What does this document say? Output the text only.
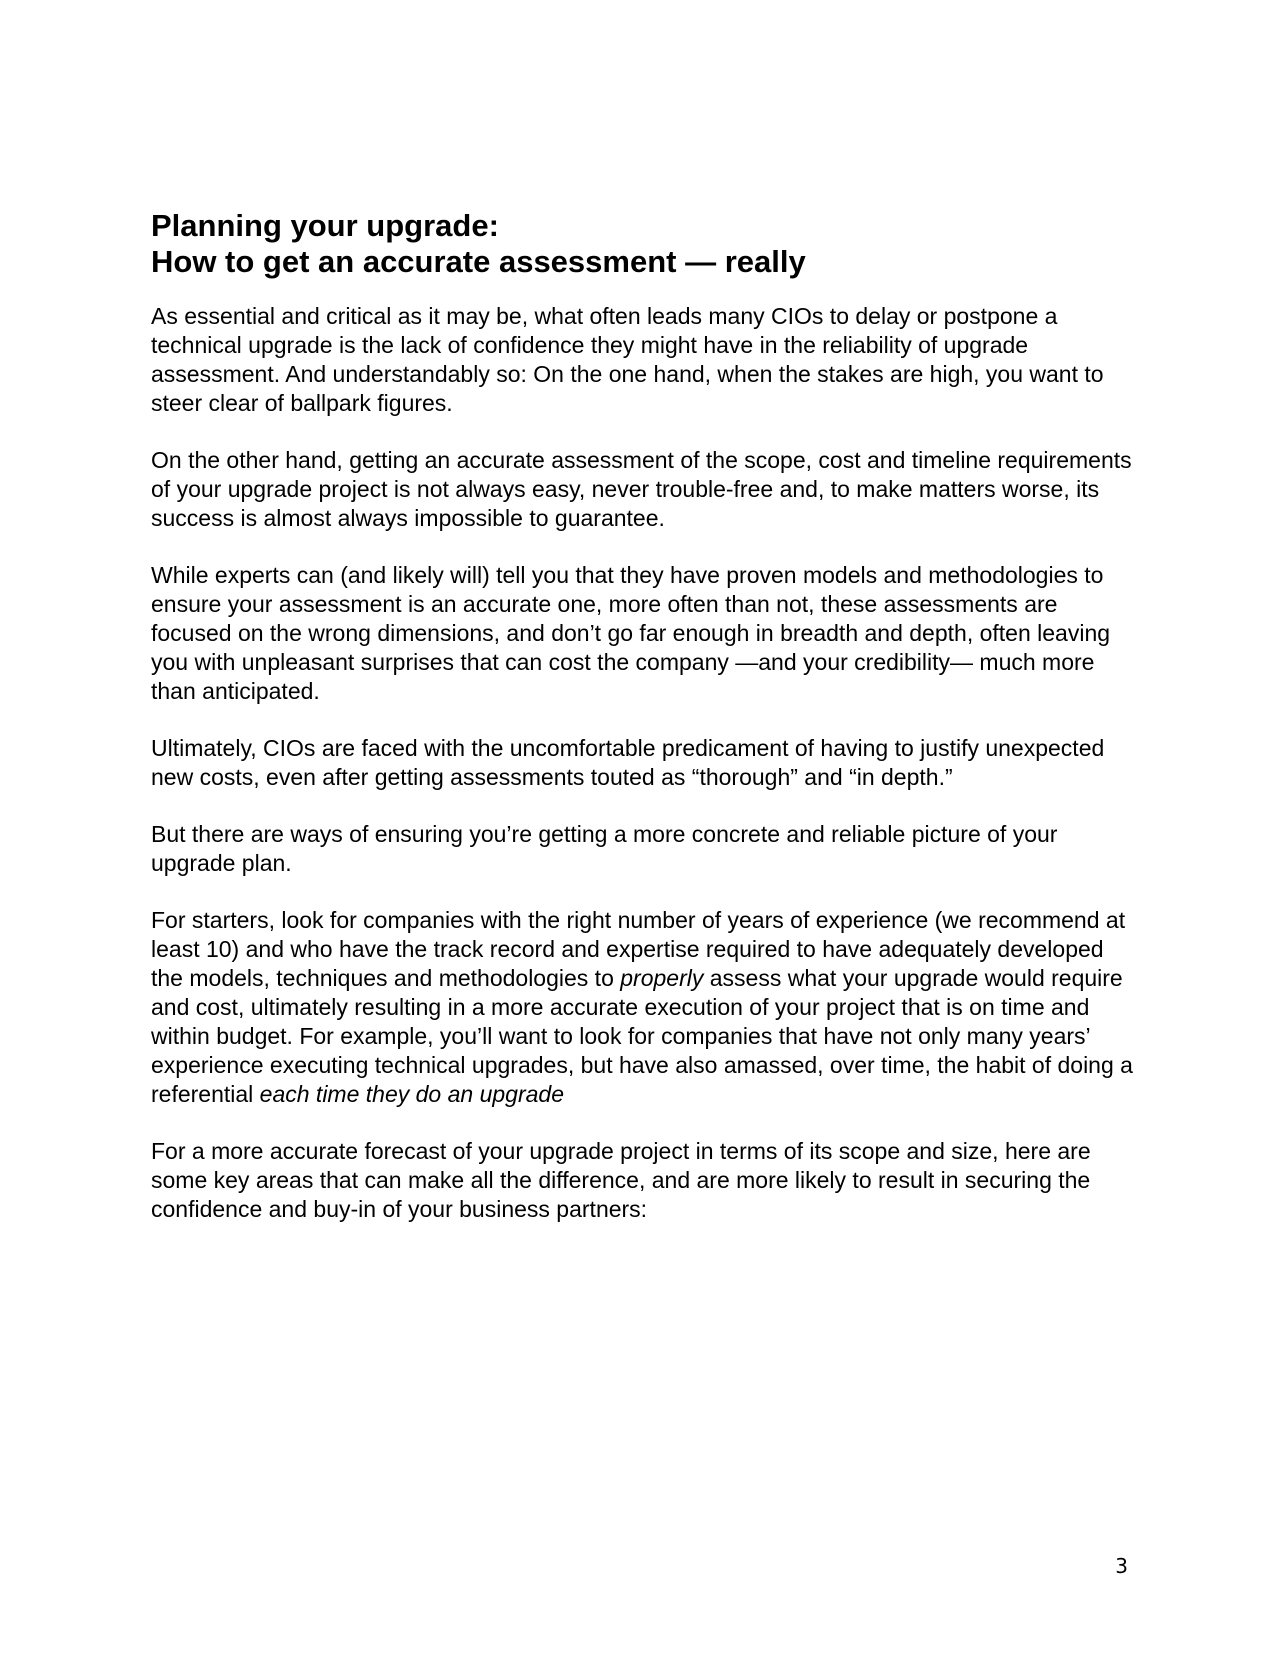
Planning your upgrade:
How to get an accurate assessment — really

As essential and critical as it may be, what often leads many CIOs to delay or postpone a technical upgrade is the lack of confidence they might have in the reliability of upgrade assessment. And understandably so: On the one hand, when the stakes are high, you want to steer clear of ballpark figures.

On the other hand, getting an accurate assessment of the scope, cost and timeline requirements of your upgrade project is not always easy, never trouble-free and, to make matters worse, its success is almost always impossible to guarantee.

While experts can (and likely will) tell you that they have proven models and methodologies to ensure your assessment is an accurate one, more often than not, these assessments are focused on the wrong dimensions, and don’t go far enough in breadth and depth, often leaving you with unpleasant surprises that can cost the company —and your credibility— much more than anticipated.

Ultimately, CIOs are faced with the uncomfortable predicament of having to justify unexpected new costs, even after getting assessments touted as “thorough” and “in depth.”

But there are ways of ensuring you’re getting a more concrete and reliable picture of your upgrade plan.

For starters, look for companies with the right number of years of experience (we recommend at least 10) and who have the track record and expertise required to have adequately developed the models, techniques and methodologies to properly assess what your upgrade would require and cost, ultimately resulting in a more accurate execution of your project that is on time and within budget. For example, you’ll want to look for companies that have not only many years’ experience executing technical upgrades, but have also amassed, over time, the habit of doing a referential each time they do an upgrade

For a more accurate forecast of your upgrade project in terms of its scope and size, here are some key areas that can make all the difference, and are more likely to result in securing the confidence and buy-in of your business partners:

3
